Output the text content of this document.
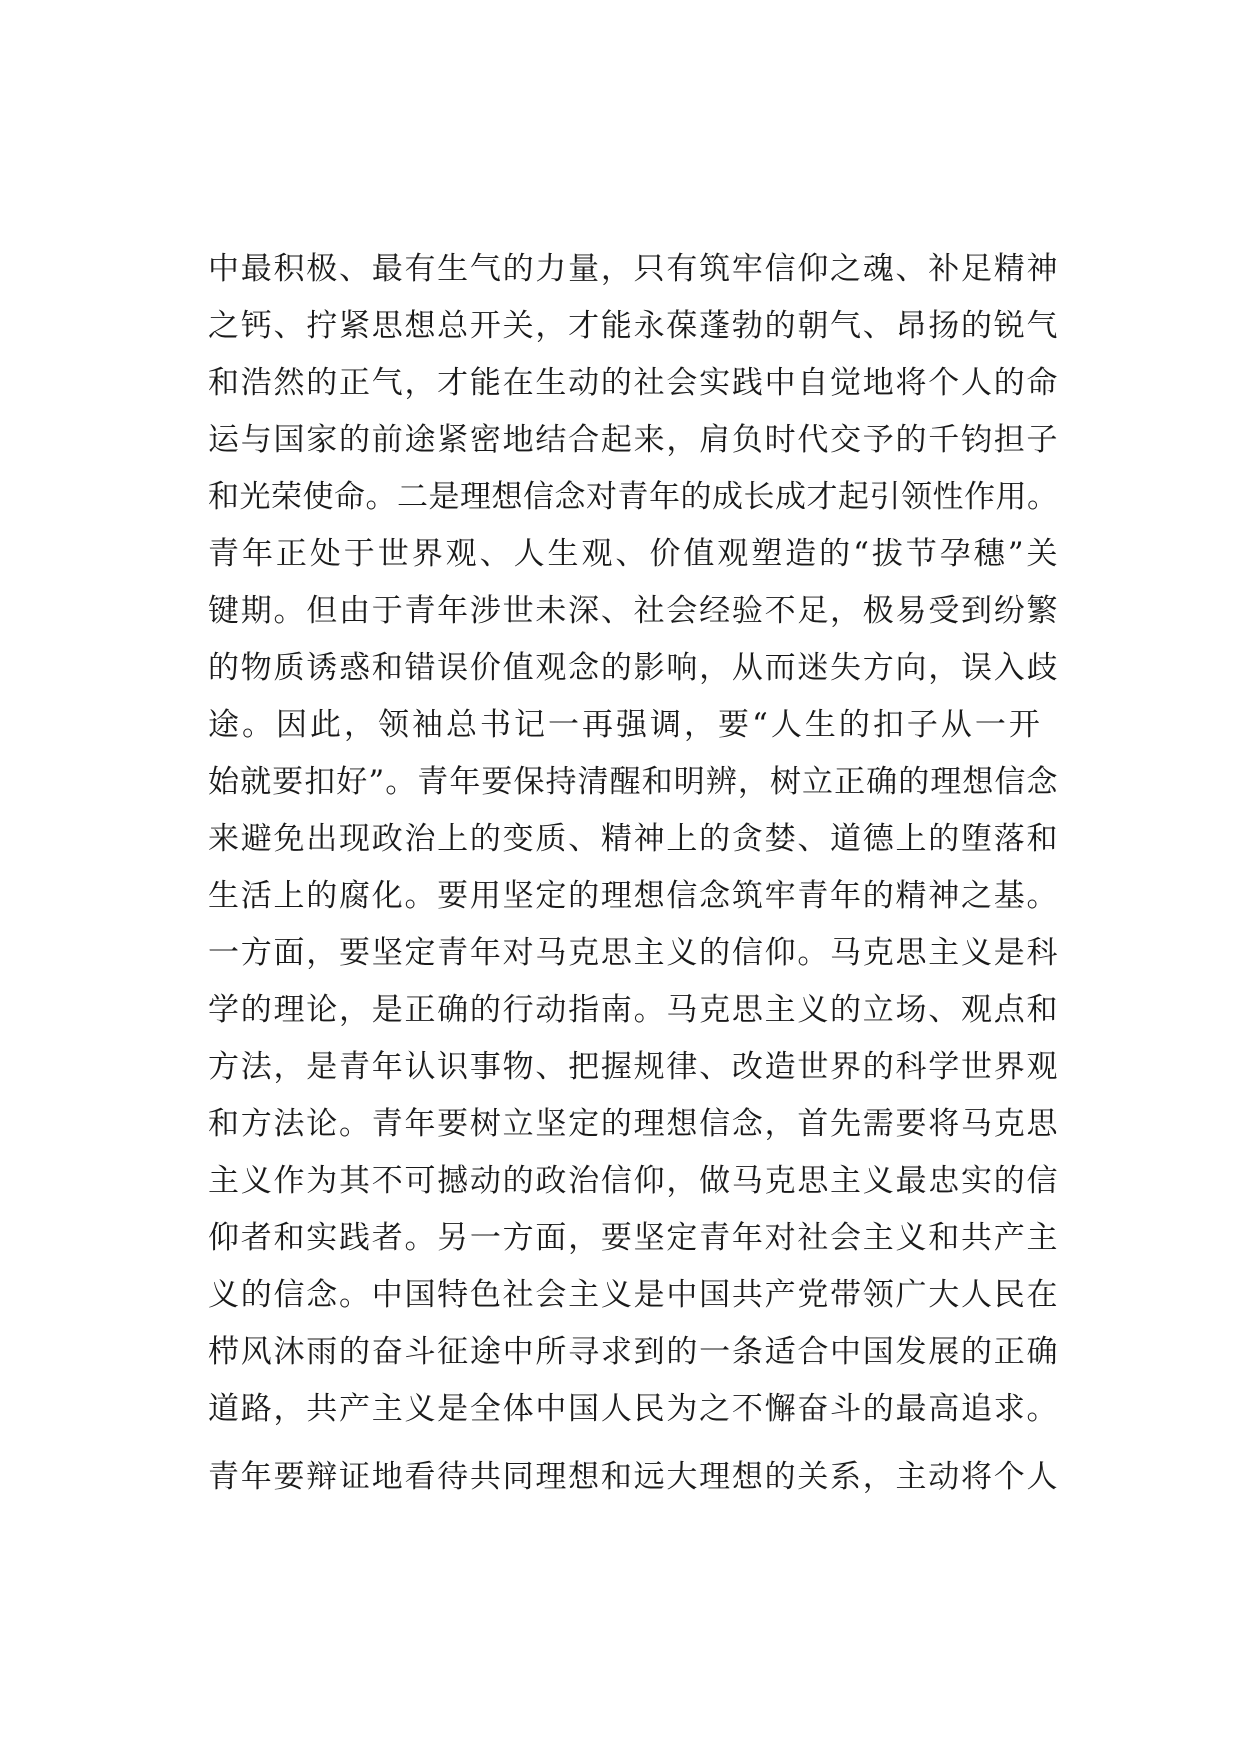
中最积极、最有生气的力量，只有筑牢信仰之魂、补足精神
之钙、拧紧思想总开关，才能永葆蓬勃的朝气、昂扬的锐气
和浩然的正气，才能在生动的社会实践中自觉地将个人的命
运与国家的前途紧密地结合起来，肩负时代交予的千钧担子
和光荣使命。二是理想信念对青年的成长成才起引领性作用。
青年正处于世界观、人生观、价值观塑造的“拔节孕穗”关
键期。但由于青年涉世未深、社会经验不足，极易受到纷繁
的物质诱惑和错误价值观念的影响，从而迷失方向，误入歧
途。因此，领袖总书记一再强调，要“人生的扣子从一开
始就要扣好”。青年要保持清醒和明辨，树立正确的理想信念
来避免出现政治上的变质、精神上的贪婪、道德上的堕落和
生活上的腐化。要用坚定的理想信念筑牢青年的精神之基。
一方面，要坚定青年对马克思主义的信仰。马克思主义是科
学的理论，是正确的行动指南。马克思主义的立场、观点和
方法，是青年认识事物、把握规律、改造世界的科学世界观
和方法论。青年要树立坚定的理想信念，首先需要将马克思
主义作为其不可撼动的政治信仰，做马克思主义最忠实的信
仰者和实践者。另一方面，要坚定青年对社会主义和共产主
义的信念。中国特色社会主义是中国共产党带领广大人民在
栉风沐雨的奋斗征途中所寻求到的一条适合中国发展的正确
道路，共产主义是全体中国人民为之不懈奋斗的最高追求。
青年要辩证地看待共同理想和远大理想的关系，主动将个人
